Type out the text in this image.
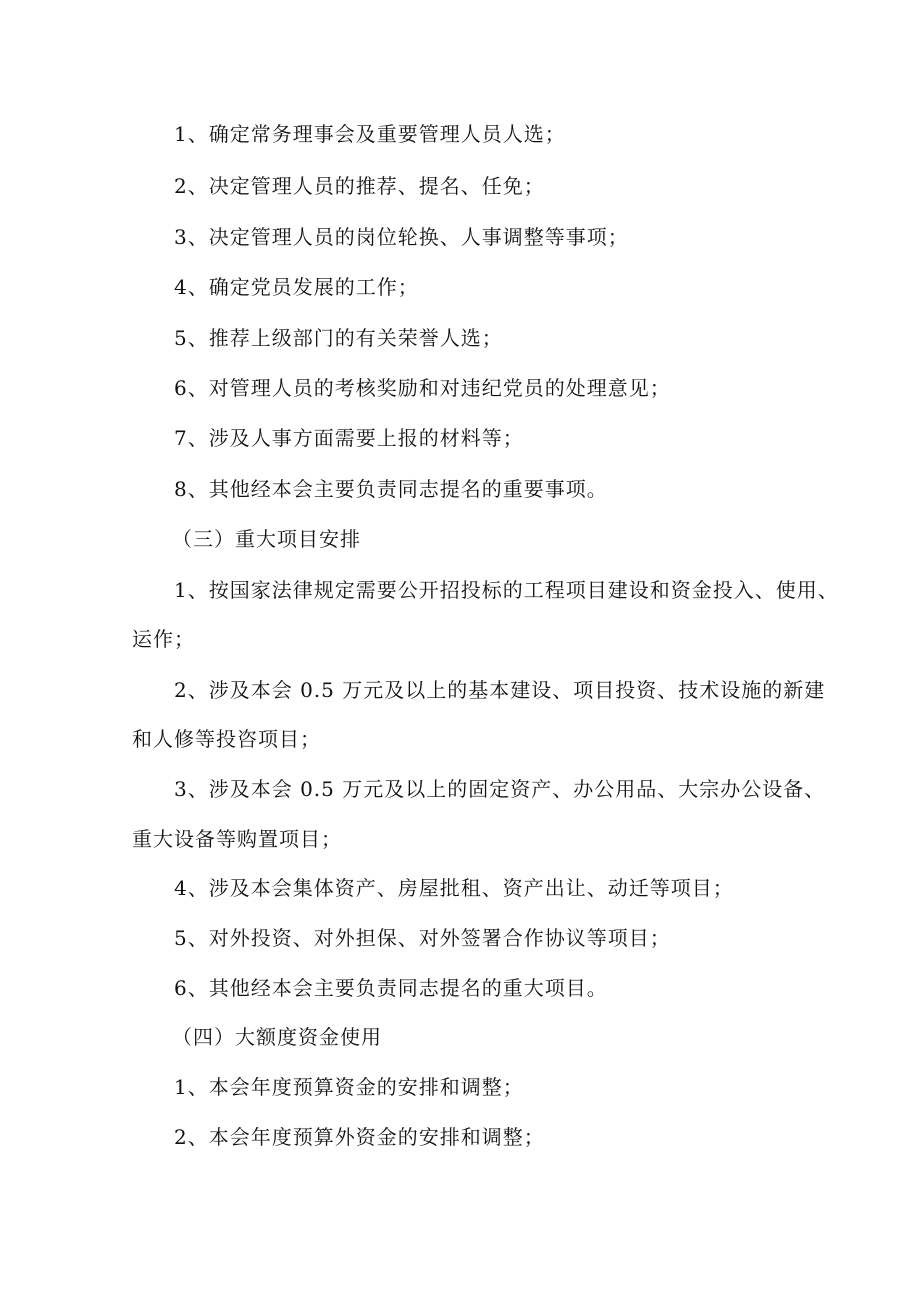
1、确定常务理事会及重要管理人员人选；
2、决定管理人员的推荐、提名、任免；
3、决定管理人员的岗位轮换、人事调整等事项；
4、确定党员发展的工作；
5、推荐上级部门的有关荣誉人选；
6、对管理人员的考核奖励和对违纪党员的处理意见；
7、涉及人事方面需要上报的材料等；
8、其他经本会主要负责同志提名的重要事项。
（三）重大项目安排
1、按国家法律规定需要公开招投标的工程项目建设和资金投入、使用、
运作；
2、涉及本会 0.5 万元及以上的基本建设、项目投资、技术设施的新建
和人修等投咨项目；
3、涉及本会 0.5 万元及以上的固定资产、办公用品、大宗办公设备、
重大设备等购置项目；
4、涉及本会集体资产、房屋批租、资产出让、动迁等项目；
5、对外投资、对外担保、对外签署合作协议等项目；
6、其他经本会主要负责同志提名的重大项目。
（四）大额度资金使用
1、本会年度预算资金的安排和调整；
2、本会年度预算外资金的安排和调整；
